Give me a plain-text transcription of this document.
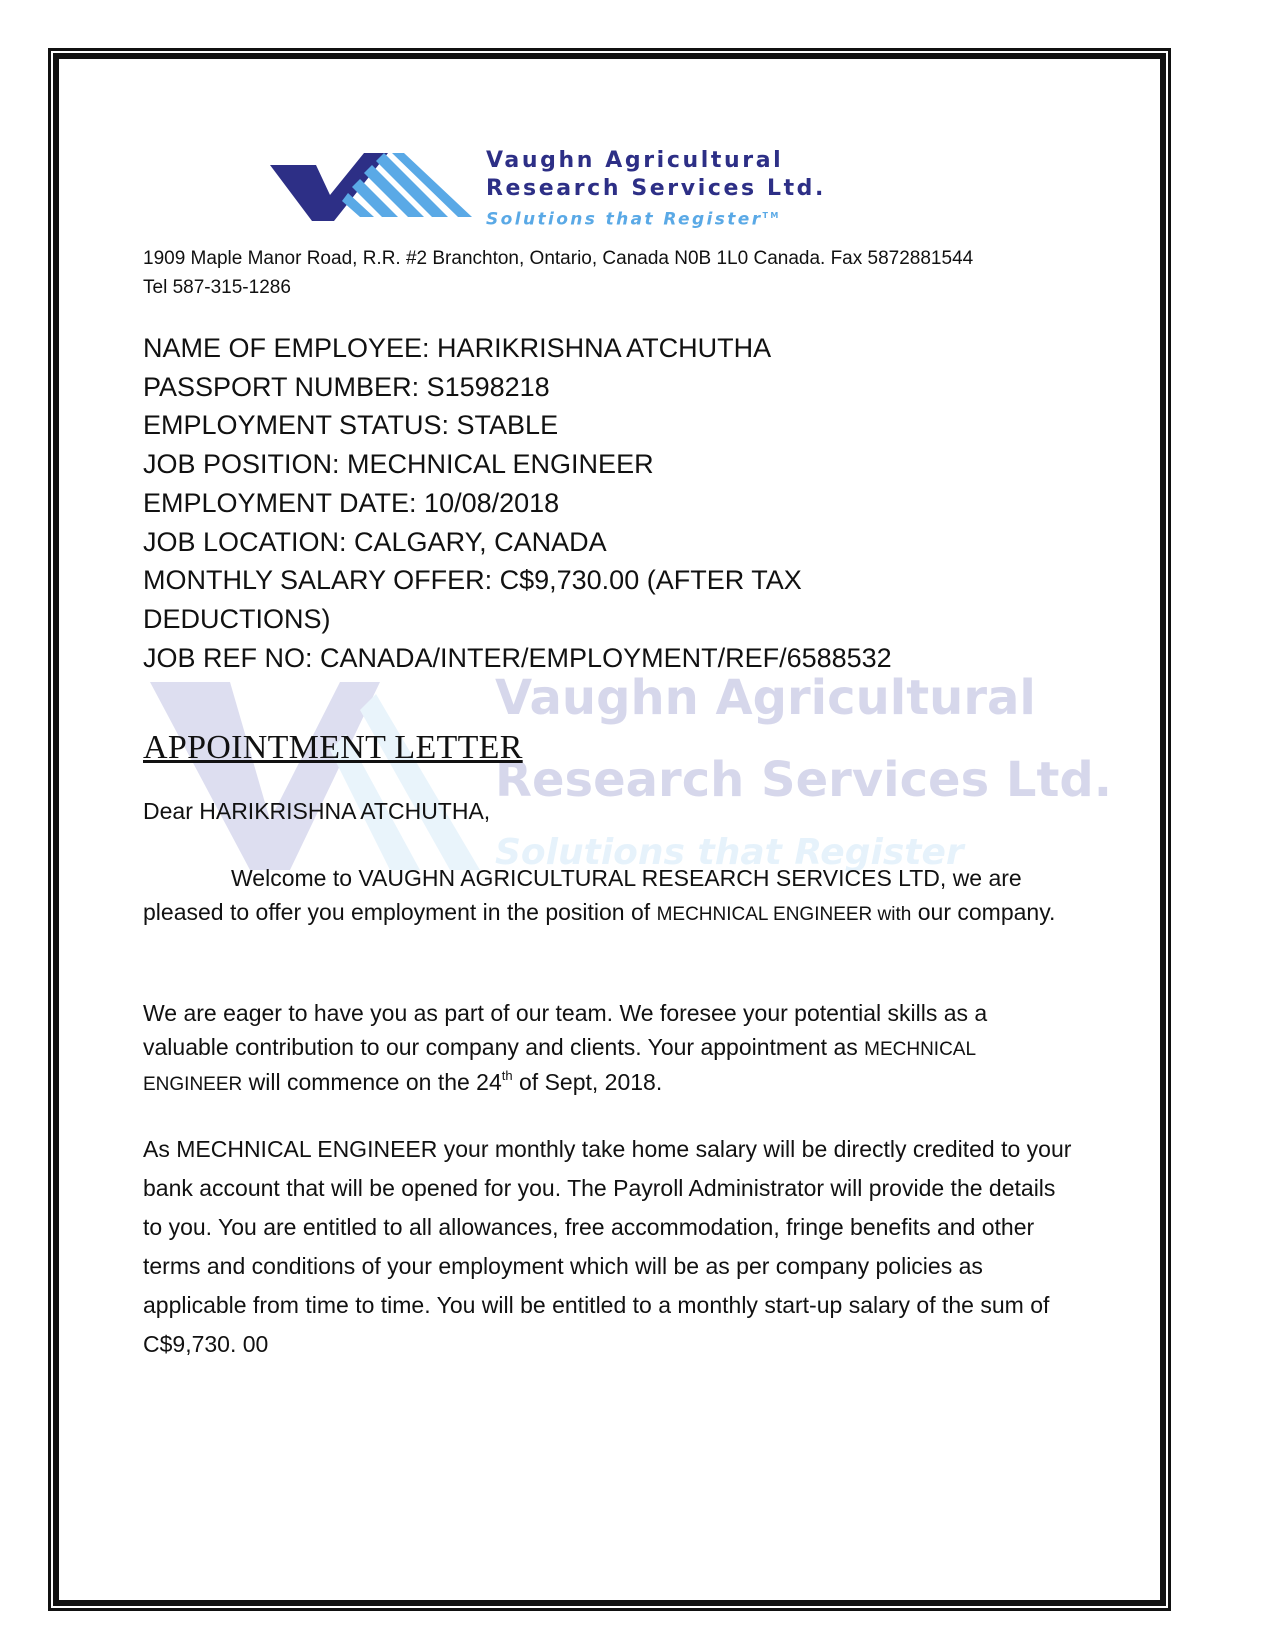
Vaughn Agricultural
Research Services Ltd.
Solutions that Register™
1909 Maple Manor Road, R.R. #2 Branchton, Ontario, Canada N0B 1L0 Canada. Fax 5872881544
Tel 587-315-1286
NAME OF EMPLOYEE: HARIKRISHNA ATCHUTHA
PASSPORT NUMBER: S1598218
EMPLOYMENT STATUS: STABLE
JOB POSITION: MECHNICAL ENGINEER
EMPLOYMENT DATE: 10/08/2018
JOB LOCATION: CALGARY, CANADA
MONTHLY SALARY OFFER: C$9,730.00 (AFTER TAX DEDUCTIONS)
JOB REF NO: CANADA/INTER/EMPLOYMENT/REF/6588532
Vaughn Agricultural
Research Services Ltd.
Solutions that Register
APPOINTMENT LETTER
Dear HARIKRISHNA ATCHUTHA,
Welcome to VAUGHN AGRICULTURAL RESEARCH SERVICES LTD, we are pleased to offer you employment in the position of MECHNICAL ENGINEER with our company.
We are eager to have you as part of our team. We foresee your potential skills as a valuable contribution to our company and clients. Your appointment as MECHNICAL ENGINEER will commence on the 24th of Sept, 2018.
As MECHNICAL ENGINEER your monthly take home salary will be directly credited to your bank account that will be opened for you. The Payroll Administrator will provide the details to you. You are entitled to all allowances, free accommodation, fringe benefits and other terms and conditions of your employment which will be as per company policies as applicable from time to time. You will be entitled to a monthly start-up salary of the sum of C$9,730. 00
